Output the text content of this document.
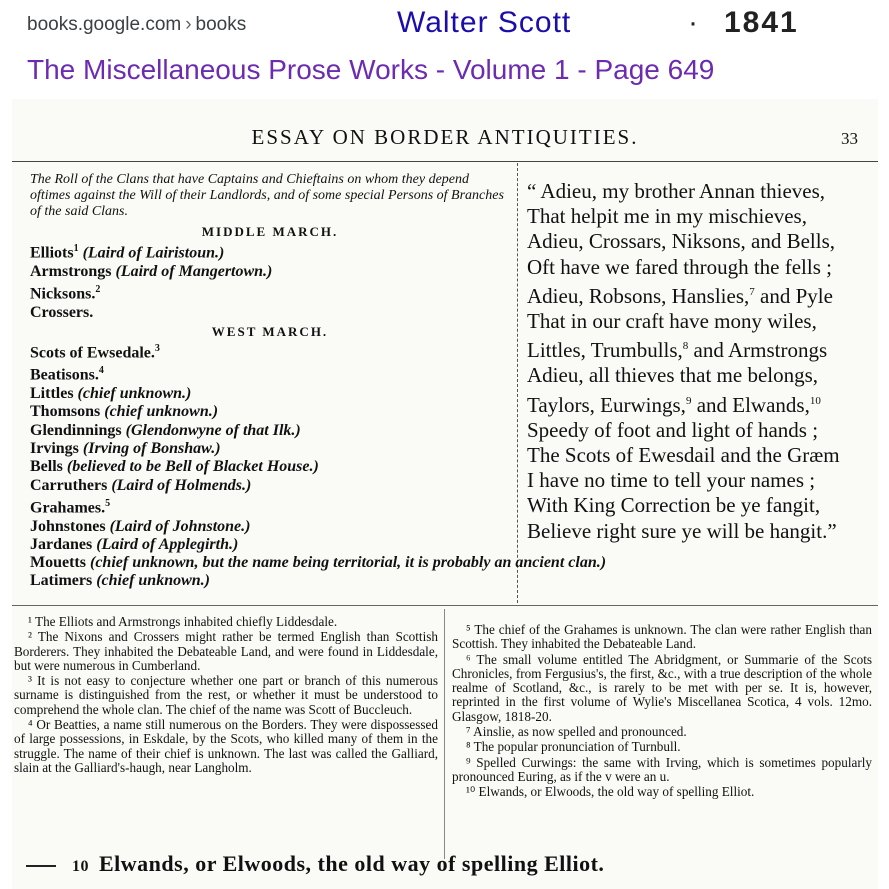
books.google.com › books	Walter Scott	· 1841
The Miscellaneous Prose Works - Volume 1 - Page 649
ESSAY ON BORDER ANTIQUITIES.	33

The Roll of the Clans that have Captains and Chieftains on whom they depend oftimes against the Will of their Landlords, and of some special Persons of Branches of the said Clans.

MIDDLE MARCH.
Elliots$^1$ (Laird of Lairistoun.)
Armstrongs (Laird of Mangertown.)
Nicksons.$^2$
Crossers.
WEST MARCH.
Scots of Ewsedale.$^3$
Beatisons.$^4$
Littles (chief unknown.)
Thomsons (chief unknown.)
Glendinnings (Glendonwyne of that Ilk.)
Irvings (Irving of Bonshaw.)
Bells (believed to be Bell of Blacket House.)
Carruthers (Laird of Holmends.)
Grahames.$^5$
Johnstones (Laird of Johnstone.)
Jardanes (Laird of Applegirth.)
Mouetts (chief unknown, but the name being territorial, it is probably an ancient clan.)
Latimers (chief unknown.)
“ Adieu, my brother Annan thieves,
That helpit me in my mischieves,
Adieu, Crossars, Niksons, and Bells,
Oft have we fared through the fells ;
Adieu, Robsons, Hanslies,$^7$ and Pyle
That in our craft have mony wiles,
Littles, Trumbulls,$^8$ and Armstrongs
Adieu, all thieves that me belongs,
Taylors, Eurwings,$^9$ and Elwands,$^{10}$
Speedy of foot and light of hands ;
The Scots of Ewesdail and the Græm
I have no time to tell your names ;
With King Correction be ye fangit,
Believe right sure ye will be hangit.”

¹ The Elliots and Armstrongs inhabited chiefly Liddesdale.

² The Nixons and Crossers might rather be termed English than Scottish Borderers. They inhabited the Debateable Land, and were found in Liddesdale, but were numerous in Cumberland.

³ It is not easy to conjecture whether one part or branch of this numerous surname is distinguished from the rest, or whether it must be understood to comprehend the whole clan. The chief of the name was Scott of Buccleuch.

⁴ Or Beatties, a name still numerous on the Borders. They were dispossessed of large possessions, in Eskdale, by the Scots, who killed many of them in the struggle. The name of their chief is unknown. The last was called the Galliard, slain at the Galliard's-haugh, near Langholm.

⁵ The chief of the Grahames is unknown. The clan were rather English than Scottish. They inhabited the Debateable Land.

⁶ The small volume entitled The Abridgment, or Summarie of the Scots Chronicles, from Fergusius's, the first, &c., with a true description of the whole realme of Scotland, &c., is rarely to be met with per se. It is, however, reprinted in the first volume of Wylie's Miscellanea Scotica, 4 vols. 12mo. Glasgow, 1818-20.

⁷ Ainslie, as now spelled and pronounced.

⁸ The popular pronunciation of Turnbull.

⁹ Spelled Curwings: the same with Irving, which is sometimes popularly pronounced Euring, as if the v were an u.

¹⁰ Elwands, or Elwoods, the old way of spelling Elliot.

10 Elwands, or Elwoods, the old way of spelling Elliot.
